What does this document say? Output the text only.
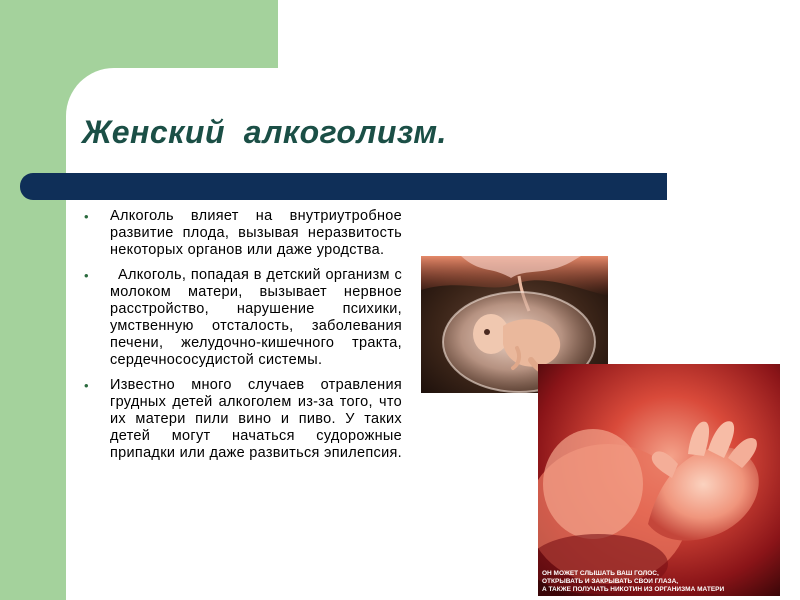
Женский  алкоголизм.
• Алкоголь влияет на внутриутробное развитие плода, вызывая неразвитость некоторых органов или даже уродства.
•	Алкоголь, попадая в детский организм с молоком матери, вызывает нервное расстройство, нарушение психики, умственную отсталость, заболевания печени, желудочно-кишечного тракта, сердечнососудистой системы.
• Известно много случаев отравления грудных детей алкоголем из-за того, что их матери пили вино и пиво. У таких детей могут начаться судорожные припадки или даже развиться эпилепсия.
ОН МОЖЕТ СЛЫШАТЬ ВАШ ГОЛОС,
ОТКРЫВАТЬ И ЗАКРЫВАТЬ СВОИ ГЛАЗА,
А ТАКЖЕ ПОЛУЧАТЬ НИКОТИН ИЗ ОРГАНИЗМА МАТЕРИ
